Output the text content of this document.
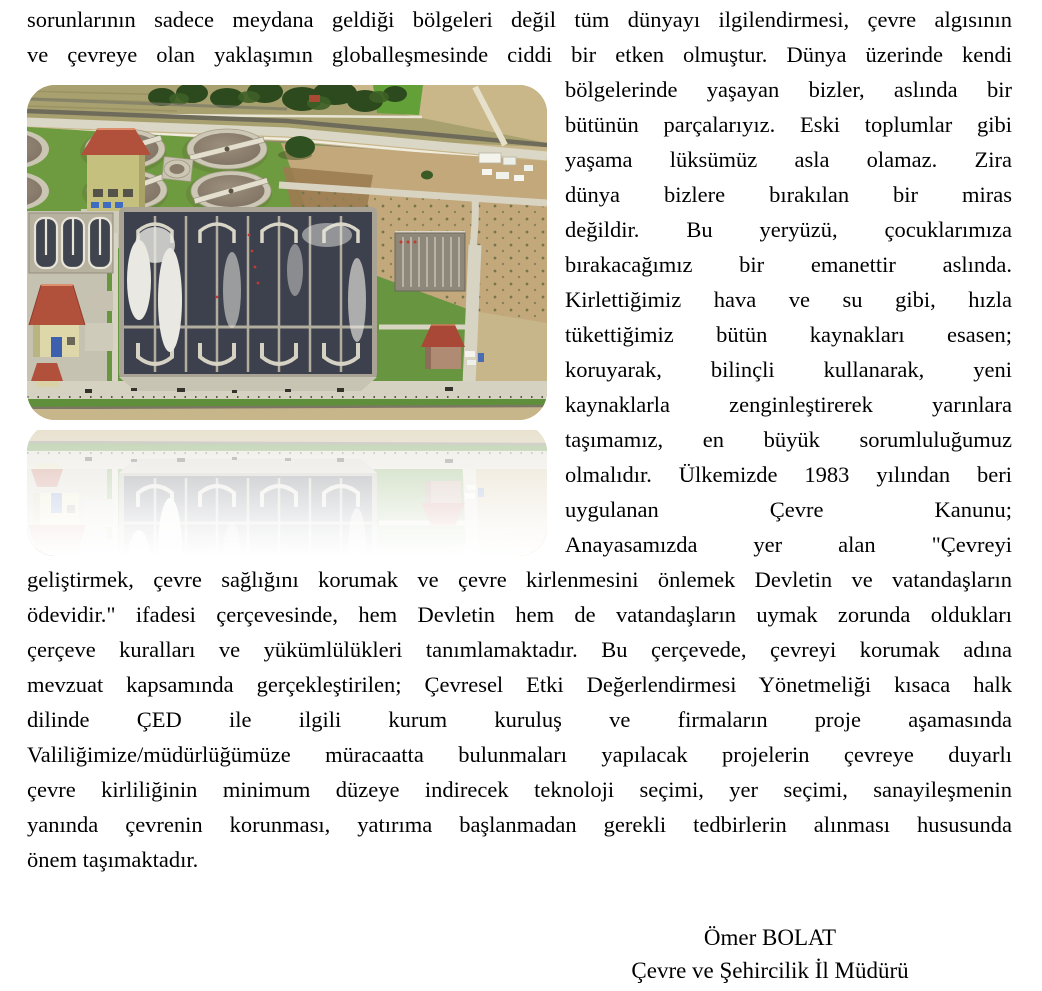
sorunlarının sadece meydana geldiği bölgeleri değil tüm dünyayı ilgilendirmesi, çevre algısının
ve çevreye olan yaklaşımın globalleşmesinde ciddi bir etken olmuştur. Dünya üzerinde kendi
bölgelerinde yaşayan bizler, aslında bir
bütünün parçalarıyız. Eski toplumlar gibi
yaşama lüksümüz asla olamaz. Zira
dünya bizlere bırakılan bir miras
değildir. Bu yeryüzü, çocuklarımıza
bırakacağımız bir emanettir aslında.
Kirlettiğimiz hava ve su gibi, hızla
tükettiğimiz bütün kaynakları esasen;
koruyarak, bilinçli kullanarak, yeni
kaynaklarla zenginleştirerek yarınlara
taşımamız, en büyük sorumluluğumuz
olmalıdır. Ülkemizde 1983 yılından beri
uygulanan Çevre Kanunu;
Anayasamızda yer alan "Çevreyi
geliştirmek, çevre sağlığını korumak ve çevre kirlenmesini önlemek Devletin ve vatandaşların
ödevidir." ifadesi çerçevesinde, hem Devletin hem de vatandaşların uymak zorunda oldukları
çerçeve kuralları ve yükümlülükleri tanımlamaktadır. Bu çerçevede, çevreyi korumak adına
mevzuat kapsamında gerçekleştirilen; Çevresel Etki Değerlendirmesi Yönetmeliği kısaca halk
dilinde ÇED ile ilgili kurum kuruluş ve firmaların proje aşamasında
Valiliğimize/müdürlüğümüze müracaatta bulunmaları yapılacak projelerin çevreye duyarlı
çevre kirliliğinin minimum düzeye indirecek teknoloji seçimi, yer seçimi, sanayileşmenin
yanında çevrenin korunması, yatırıma başlanmadan gerekli tedbirlerin alınması hususunda
önem taşımaktadır.
Ömer BOLAT
Çevre ve Şehircilik İl Müdürü
